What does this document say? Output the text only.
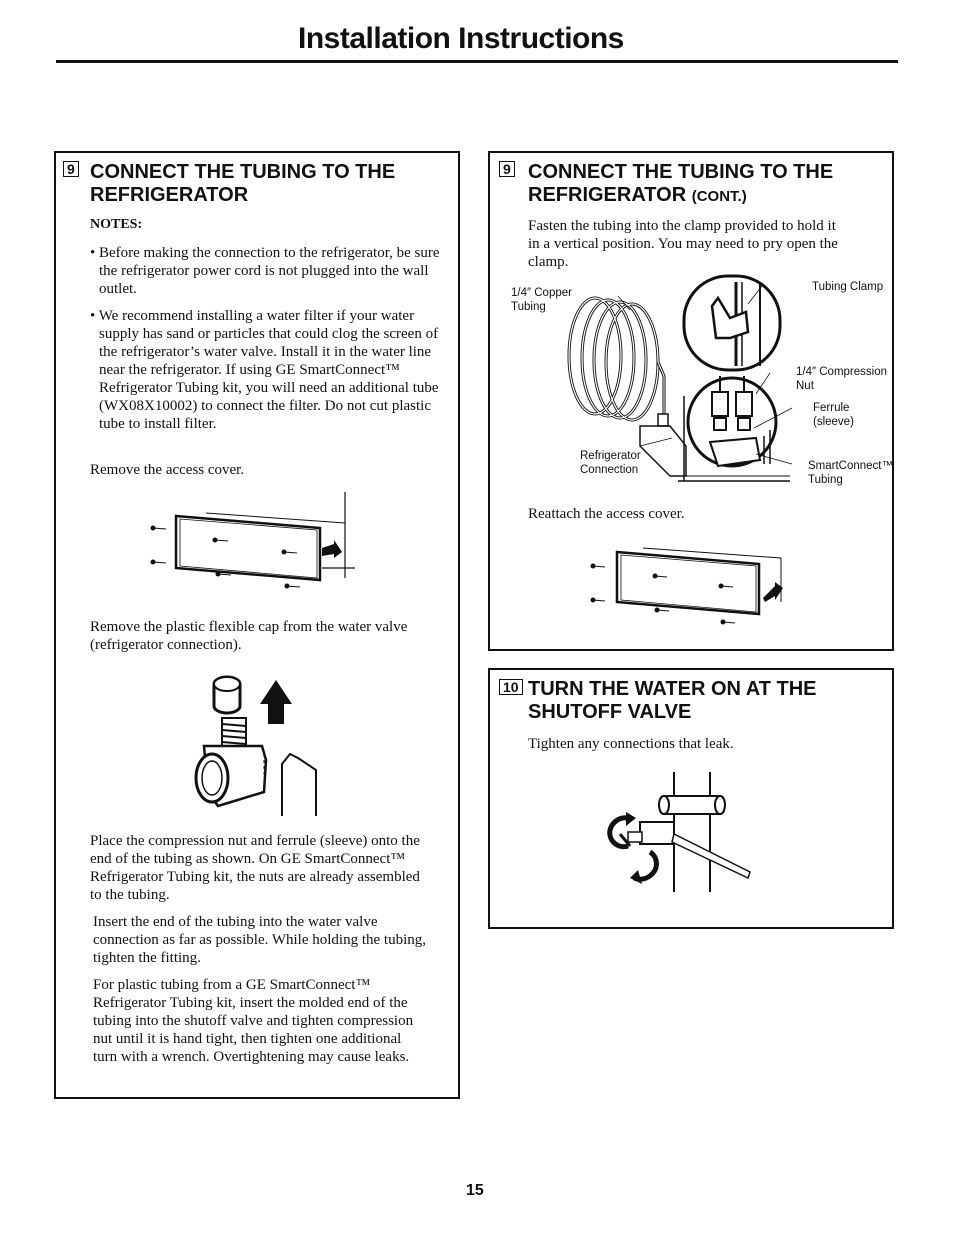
Installation Instructions
9 CONNECT THE TUBING TO THE REFRIGERATOR

NOTES:

• Before making the connection to the refrigerator, be sure the refrigerator power cord is not plugged into the wall outlet.

• We recommend installing a water filter if your water supply has sand or particles that could clog the screen of the refrigerator’s water valve. Install it in the water line near the refrigerator. If using GE SmartConnect™ Refrigerator Tubing kit, you will need an additional tube (WX08X10002) to connect the filter. Do not cut plastic tube to install filter.

Remove the access cover.

Remove the plastic flexible cap from the water valve (refrigerator connection).

Place the compression nut and ferrule (sleeve) onto the end of the tubing as shown. On GE SmartConnect™ Refrigerator Tubing kit, the nuts are already assembled to the tubing.

Insert the end of the tubing into the water valve connection as far as possible. While holding the tubing, tighten the fitting.

For plastic tubing from a GE SmartConnect™ Refrigerator Tubing kit, insert the molded end of the tubing into the shutoff valve and tighten compression nut until it is hand tight, then tighten one additional turn with a wrench. Overtightening may cause leaks.

9 CONNECT THE TUBING TO THE REFRIGERATOR (CONT.)

Fasten the tubing into the clamp provided to hold it in a vertical position. You may need to pry open the clamp.

1/4″ Copper Tubing
Tubing Clamp
1/4″ Compression Nut
Ferrule (sleeve)
Refrigerator Connection	SmartConnect™ Tubing

Reattach the access cover.

10 TURN THE WATER ON AT THE SHUTOFF VALVE

Tighten any connections that leak.

15
